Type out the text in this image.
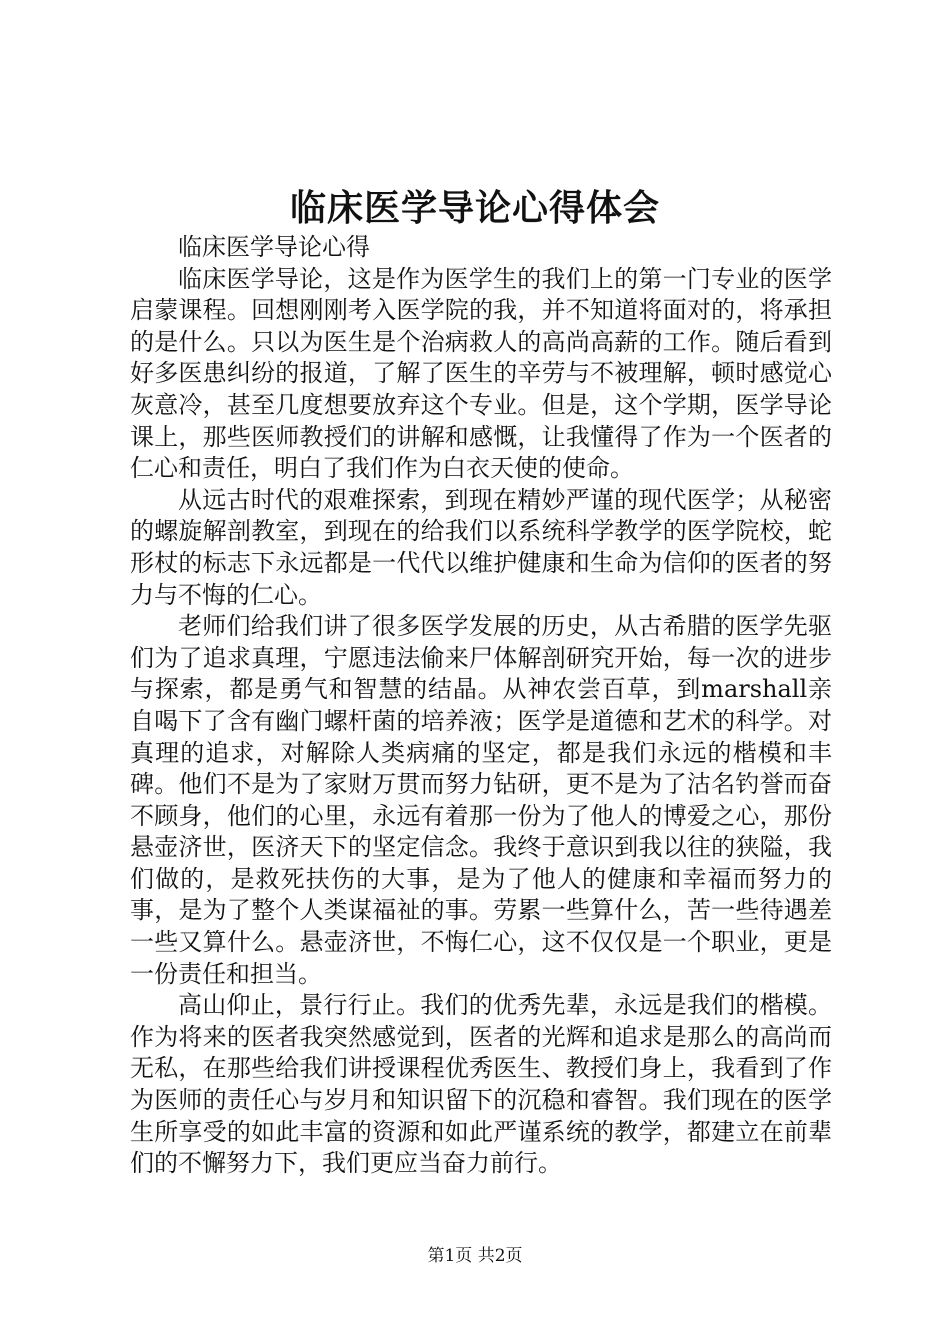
临床医学导论心得体会

临床医学导论心得

临床医学导论，这是作为医学生的我们上的第一门专业的医学启蒙课程。回想刚刚考入医学院的我，并不知道将面对的，将承担的是什么。只以为医生是个治病救人的高尚高薪的工作。随后看到好多医患纠纷的报道，了解了医生的辛劳与不被理解，顿时感觉心灰意冷，甚至几度想要放弃这个专业。但是，这个学期，医学导论课上，那些医师教授们的讲解和感慨，让我懂得了作为一个医者的仁心和责任，明白了我们作为白衣天使的使命。

从远古时代的艰难探索，到现在精妙严谨的现代医学；从秘密的螺旋解剖教室，到现在的给我们以系统科学教学的医学院校，蛇形杖的标志下永远都是一代代以维护健康和生命为信仰的医者的努力与不悔的仁心。

老师们给我们讲了很多医学发展的历史，从古希腊的医学先驱们为了追求真理，宁愿违法偷来尸体解剖研究开始，每一次的进步与探索，都是勇气和智慧的结晶。从神农尝百草，到marshall亲自喝下了含有幽门螺杆菌的培养液；医学是道德和艺术的科学。对真理的追求，对解除人类病痛的坚定，都是我们永远的楷模和丰碑。他们不是为了家财万贯而努力钻研，更不是为了沽名钓誉而奋不顾身，他们的心里，永远有着那一份为了他人的博爱之心，那份悬壶济世，医济天下的坚定信念。我终于意识到我以往的狭隘，我们做的，是救死扶伤的大事，是为了他人的健康和幸福而努力的事，是为了整个人类谋福祉的事。劳累一些算什么，苦一些待遇差一些又算什么。悬壶济世，不悔仁心，这不仅仅是一个职业，更是一份责任和担当。

高山仰止，景行行止。我们的优秀先辈，永远是我们的楷模。作为将来的医者我突然感觉到，医者的光辉和追求是那么的高尚而无私，在那些给我们讲授课程优秀医生、教授们身上，我看到了作为医师的责任心与岁月和知识留下的沉稳和睿智。我们现在的医学生所享受的如此丰富的资源和如此严谨系统的教学，都建立在前辈们的不懈努力下，我们更应当奋力前行。

第1页 共2页
